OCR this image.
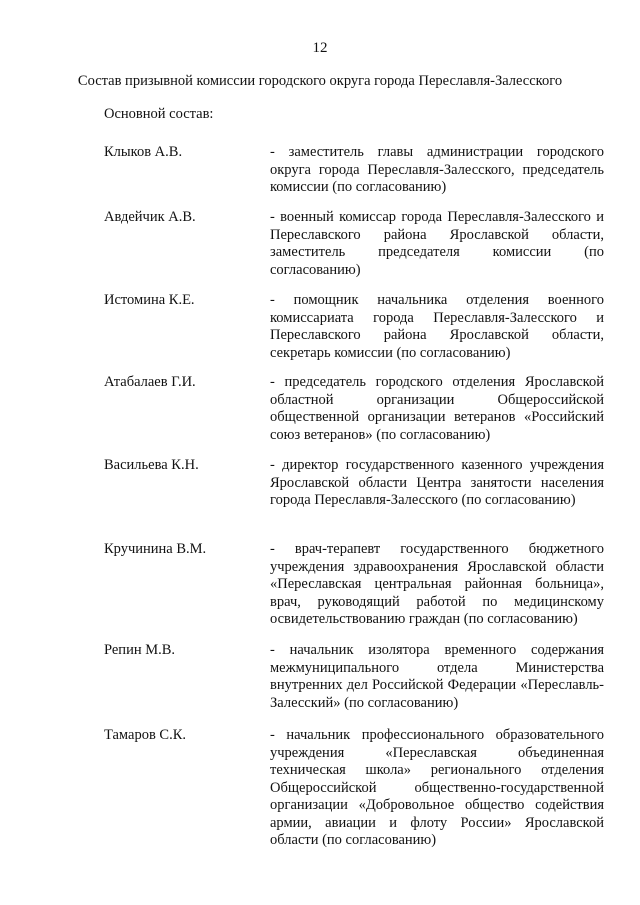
12
Состав призывной комиссии городского округа города Переславля-Залесского
Основной состав:
Клыков А.В.	- заместитель главы администрации городского округа города Переславля-Залесского, председатель комиссии (по согласованию)
Авдейчик А.В.	- военный комиссар города Переславля-Залесского и Переславского района Ярославской области, заместитель председателя комиссии (по согласованию)
Истомина К.Е.	- помощник начальника отделения военного комиссариата города Переславля-Залесского и Переславского района Ярославской области, секретарь комиссии (по согласованию)
Атабалаев Г.И.	- председатель городского отделения Ярославской областной организации Общероссийской общественной организации ветеранов «Российский союз ветеранов» (по согласованию)
Васильева К.Н.	- директор государственного казенного учреждения Ярославской области Центра занятости населения города Переславля-Залесского (по согласованию)
Кручинина В.М.	- врач-терапевт государственного бюджетного учреждения здравоохранения Ярославской области «Переславская центральная районная больница», врач, руководящий работой по медицинскому освидетельствованию граждан (по согласованию)
Репин М.В.	- начальник изолятора временного содержания межмуниципального отдела Министерства внутренних дел Российской Федерации «Переславль-Залесский» (по согласованию)
Тамаров С.К.	- начальник профессионального образовательного учреждения «Переславская объединенная техническая школа» регионального отделения Общероссийской общественно-государственной организации «Добровольное общество содействия армии, авиации и флоту России» Ярославской области (по согласованию)
